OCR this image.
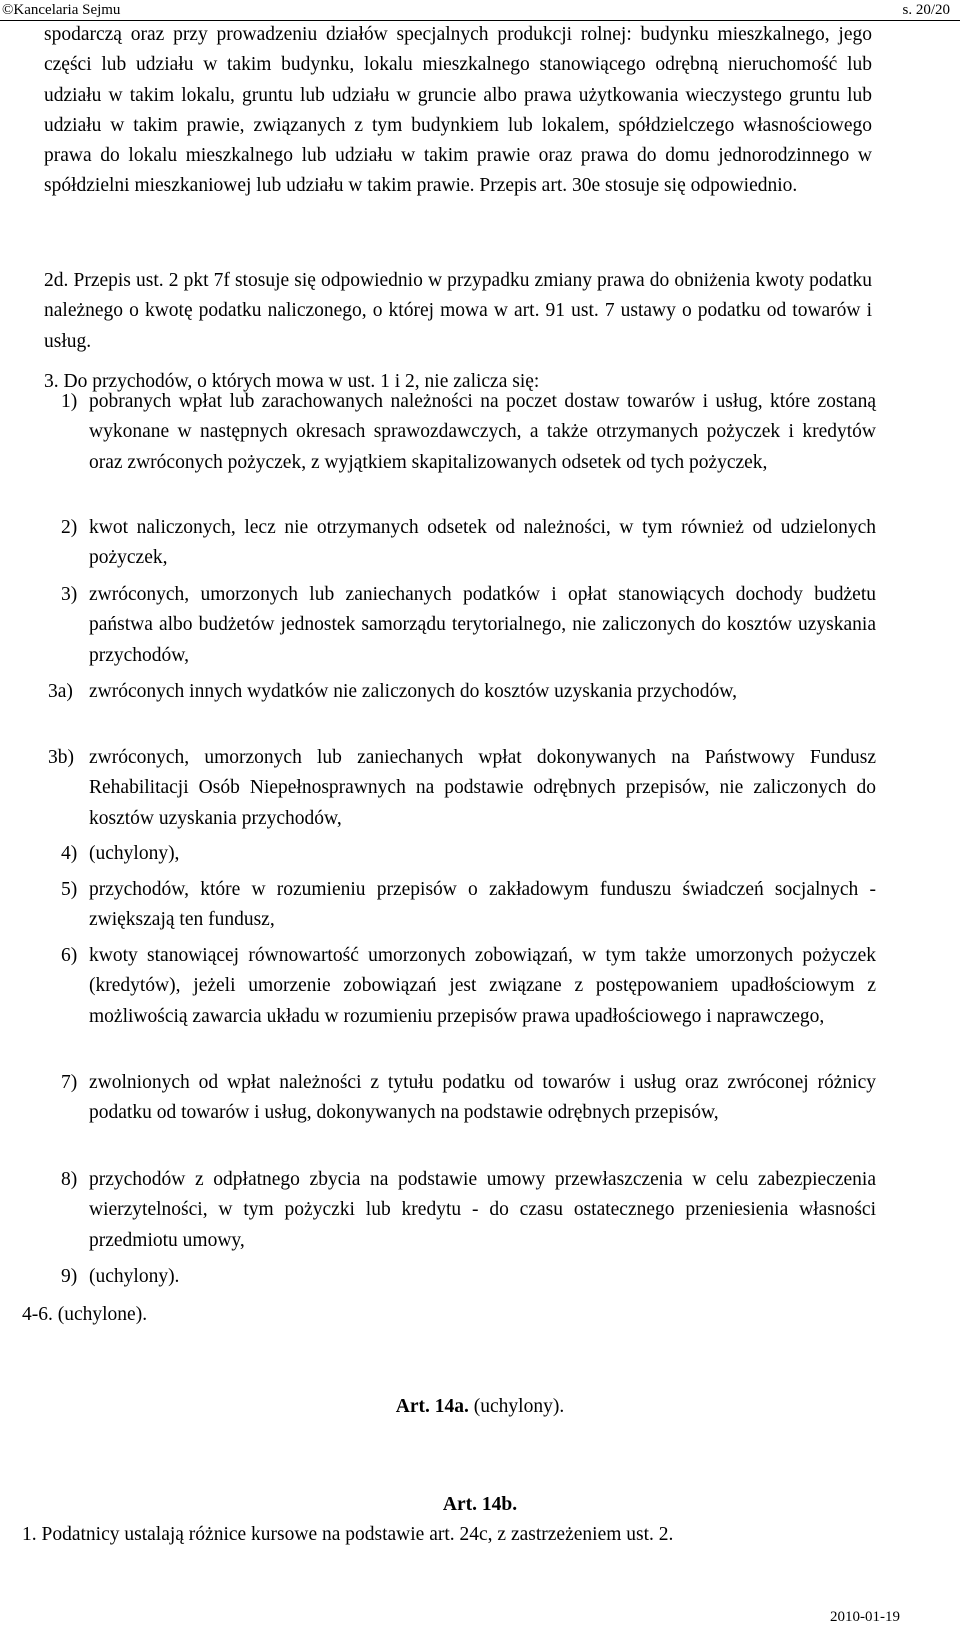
©Kancelaria Sejmu	s. 20/20
spodarczą oraz przy prowadzeniu działów specjalnych produkcji rolnej: budynku mieszkalnego, jego części lub udziału w takim budynku, lokalu mieszkalnego stanowiącego odrębną nieruchomość lub udziału w takim lokalu, gruntu lub udziału w gruncie albo prawa użytkowania wieczystego gruntu lub udziału w takim prawie, związanych z tym budynkiem lub lokalem, spółdzielczego własnościowego prawa do lokalu mieszkalnego lub udziału w takim prawie oraz prawa do domu jednorodzinnego w spółdzielni mieszkaniowej lub udziału w takim prawie. Przepis art. 30e stosuje się odpowiednio.
2d. Przepis ust. 2 pkt 7f stosuje się odpowiednio w przypadku zmiany prawa do obniżenia kwoty podatku należnego o kwotę podatku naliczonego, o której mowa w art. 91 ust. 7 ustawy o podatku od towarów i usług.
3. Do przychodów, o których mowa w ust. 1 i 2, nie zalicza się:
1) pobranych wpłat lub zarachowanych należności na poczet dostaw towarów i usług, które zostaną wykonane w następnych okresach sprawozdawczych, a także otrzymanych pożyczek i kredytów oraz zwróconych pożyczek, z wyjątkiem skapitalizowanych odsetek od tych pożyczek,
2) kwot naliczonych, lecz nie otrzymanych odsetek od należności, w tym również od udzielonych pożyczek,
3) zwróconych, umorzonych lub zaniechanych podatków i opłat stanowiących dochody budżetu państwa albo budżetów jednostek samorządu terytorialnego, nie zaliczonych do kosztów uzyskania przychodów,
3a) zwróconych innych wydatków nie zaliczonych do kosztów uzyskania przychodów,
3b) zwróconych, umorzonych lub zaniechanych wpłat dokonywanych na Państwowy Fundusz Rehabilitacji Osób Niepełnosprawnych na podstawie odrębnych przepisów, nie zaliczonych do kosztów uzyskania przychodów,
4) (uchylony),
5) przychodów, które w rozumieniu przepisów o zakładowym funduszu świadczeń socjalnych - zwiększają ten fundusz,
6) kwoty stanowiącej równowartość umorzonych zobowiązań, w tym także umorzonych pożyczek (kredytów), jeżeli umorzenie zobowiązań jest związane z postępowaniem upadłościowym z możliwością zawarcia układu w rozumieniu przepisów prawa upadłościowego i naprawczego,
7) zwolnionych od wpłat należności z tytułu podatku od towarów i usług oraz zwróconej różnicy podatku od towarów i usług, dokonywanych na podstawie odrębnych przepisów,
8) przychodów z odpłatnego zbycia na podstawie umowy przewłaszczenia w celu zabezpieczenia wierzytelności, w tym pożyczki lub kredytu - do czasu ostatecznego przeniesienia własności przedmiotu umowy,
9) (uchylony).
4-6. (uchylone).
Art. 14a. (uchylony).
Art. 14b.
1. Podatnicy ustalają różnice kursowe na podstawie art. 24c, z zastrzeżeniem ust. 2.
2010-01-19
